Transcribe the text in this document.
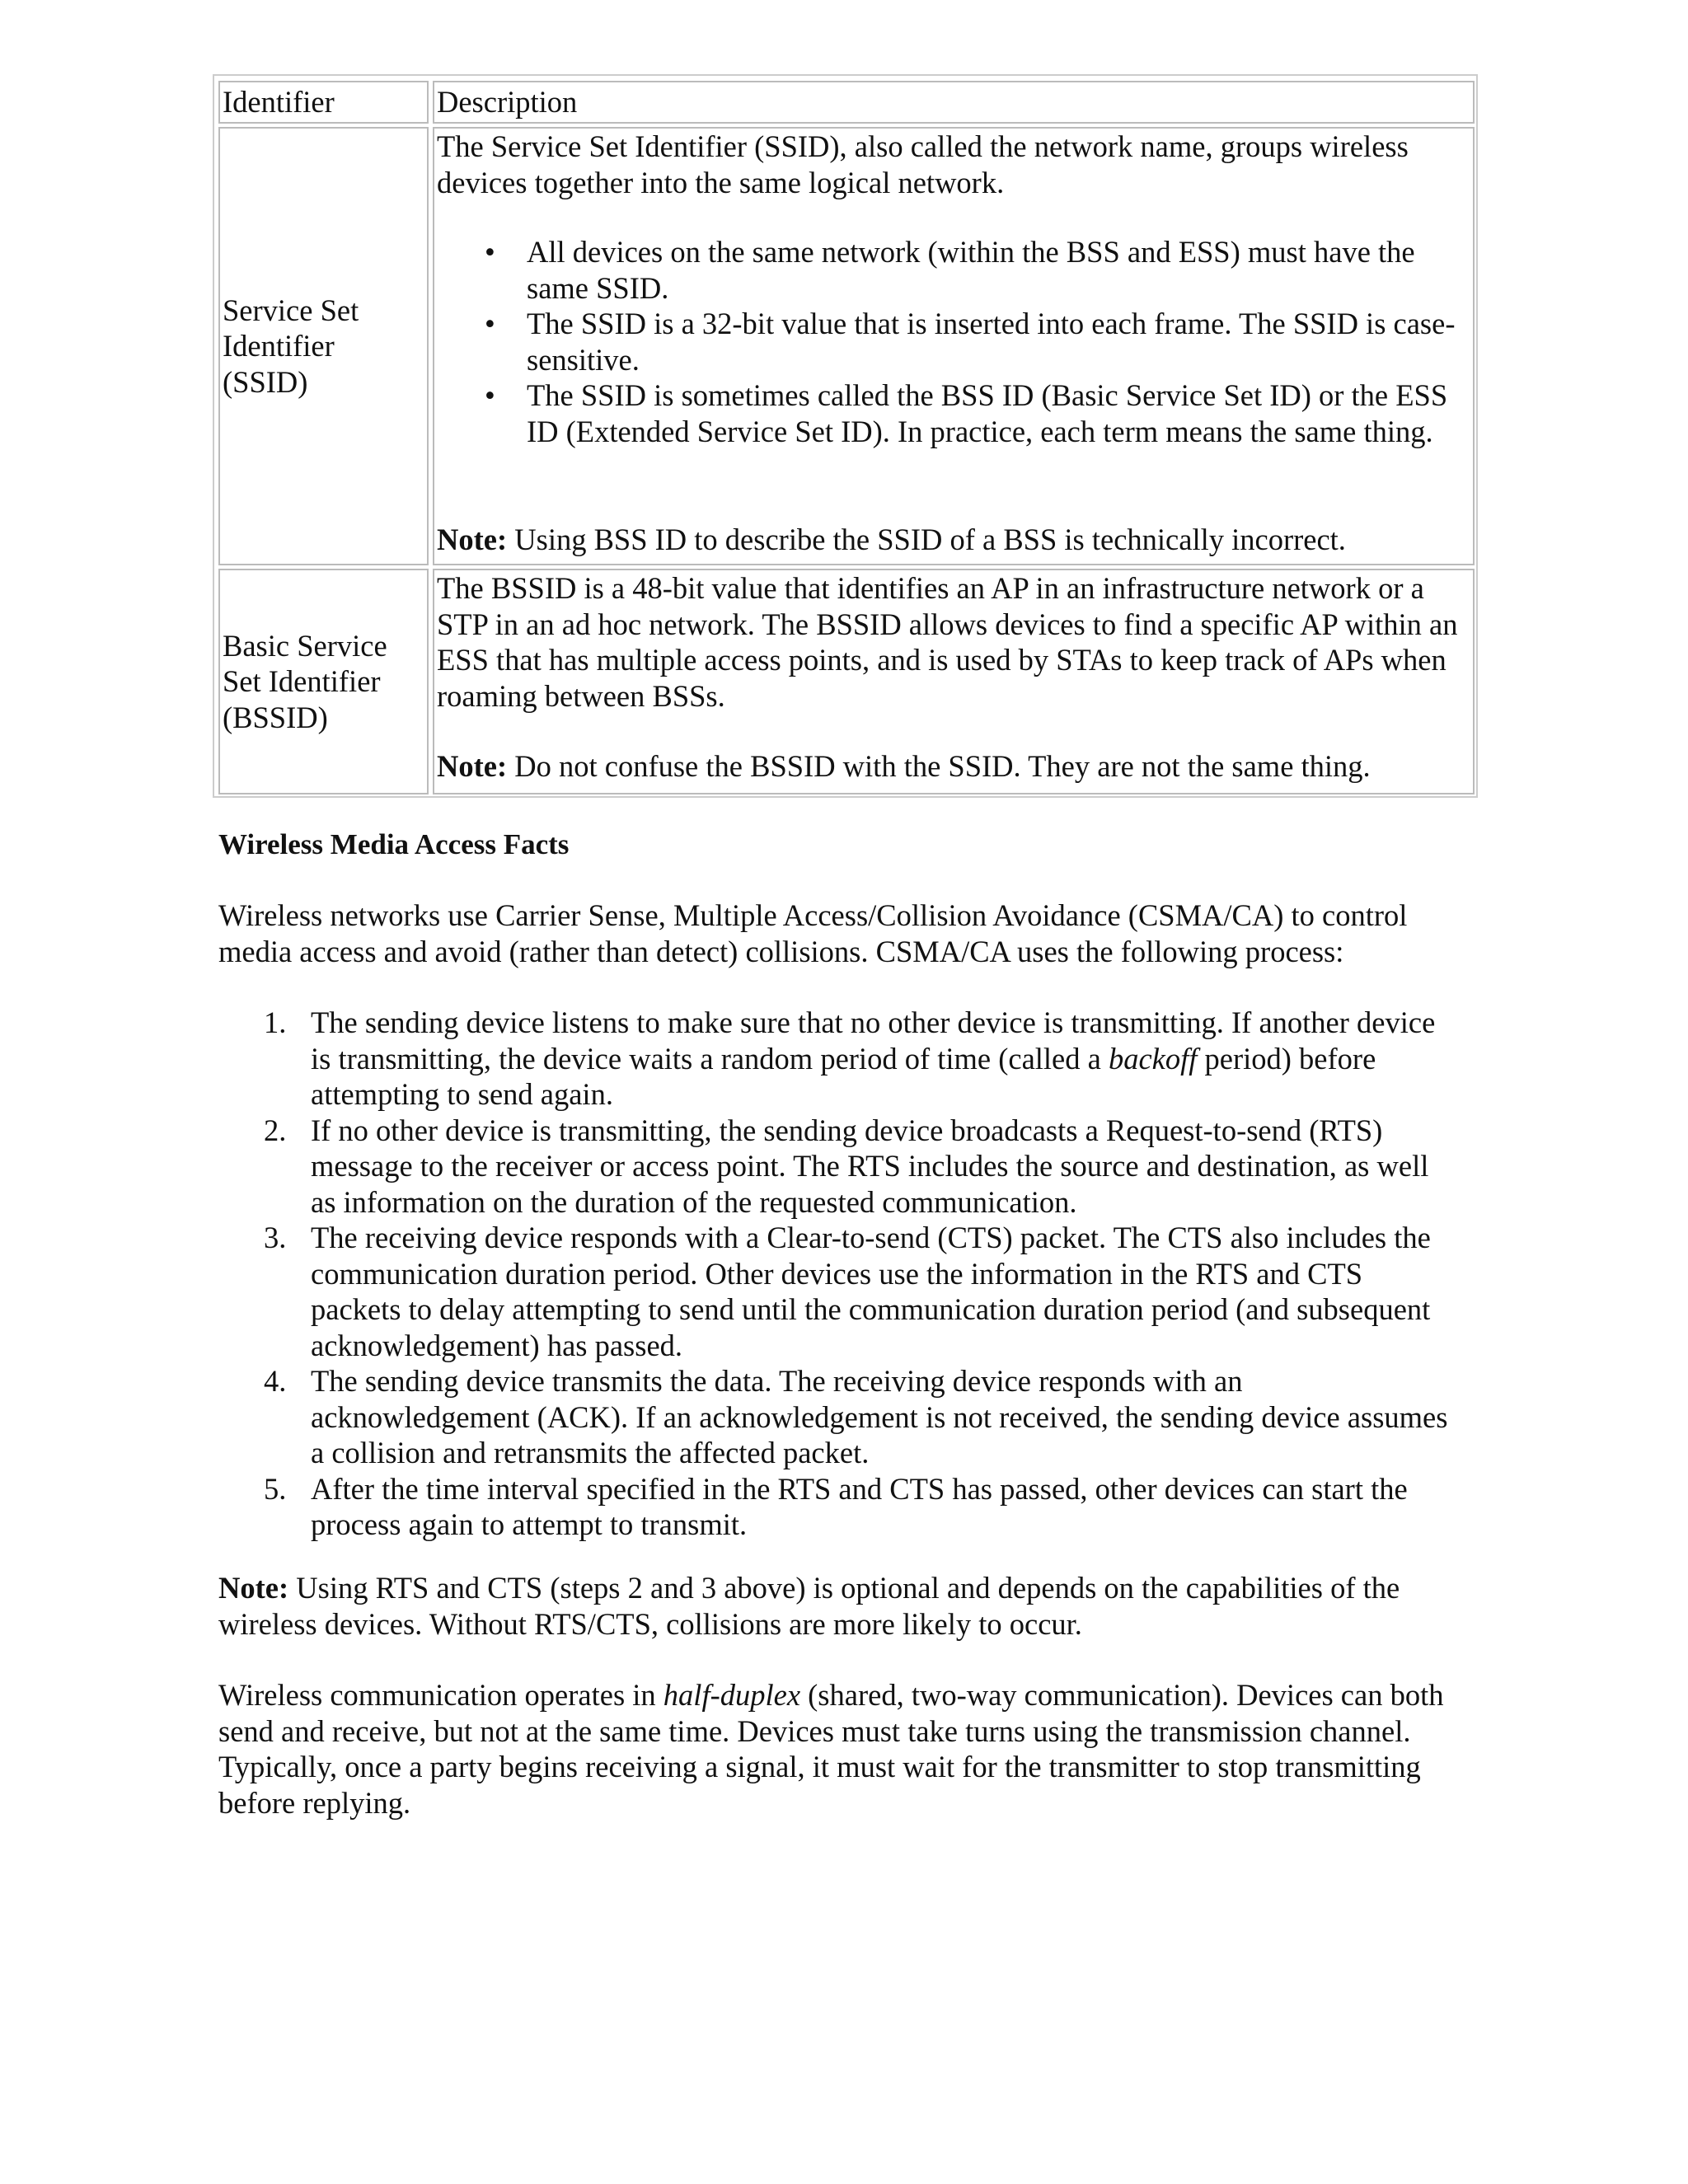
Identifier	Description
Service Set Identifier (SSID)
The Service Set Identifier (SSID), also called the network name, groups wireless devices together into the same logical network.
• All devices on the same network (within the BSS and ESS) must have the same SSID.
• The SSID is a 32-bit value that is inserted into each frame. The SSID is case-sensitive.
• The SSID is sometimes called the BSS ID (Basic Service Set ID) or the ESS ID (Extended Service Set ID). In practice, each term means the same thing.
Note: Using BSS ID to describe the SSID of a BSS is technically incorrect.
Basic Service Set Identifier (BSSID)
The BSSID is a 48-bit value that identifies an AP in an infrastructure network or a STP in an ad hoc network. The BSSID allows devices to find a specific AP within an ESS that has multiple access points, and is used by STAs to keep track of APs when roaming between BSSs.
Note: Do not confuse the BSSID with the SSID. They are not the same thing.
Wireless Media Access Facts
Wireless networks use Carrier Sense, Multiple Access/Collision Avoidance (CSMA/CA) to control media access and avoid (rather than detect) collisions. CSMA/CA uses the following process:
1. The sending device listens to make sure that no other device is transmitting. If another device is transmitting, the device waits a random period of time (called a backoff period) before attempting to send again.
2. If no other device is transmitting, the sending device broadcasts a Request-to-send (RTS) message to the receiver or access point. The RTS includes the source and destination, as well as information on the duration of the requested communication.
3. The receiving device responds with a Clear-to-send (CTS) packet. The CTS also includes the communication duration period. Other devices use the information in the RTS and CTS packets to delay attempting to send until the communication duration period (and subsequent acknowledgement) has passed.
4. The sending device transmits the data. The receiving device responds with an acknowledgement (ACK). If an acknowledgement is not received, the sending device assumes a collision and retransmits the affected packet.
5. After the time interval specified in the RTS and CTS has passed, other devices can start the process again to attempt to transmit.
Note: Using RTS and CTS (steps 2 and 3 above) is optional and depends on the capabilities of the wireless devices. Without RTS/CTS, collisions are more likely to occur.
Wireless communication operates in half-duplex (shared, two-way communication). Devices can both send and receive, but not at the same time. Devices must take turns using the transmission channel. Typically, once a party begins receiving a signal, it must wait for the transmitter to stop transmitting before replying.
